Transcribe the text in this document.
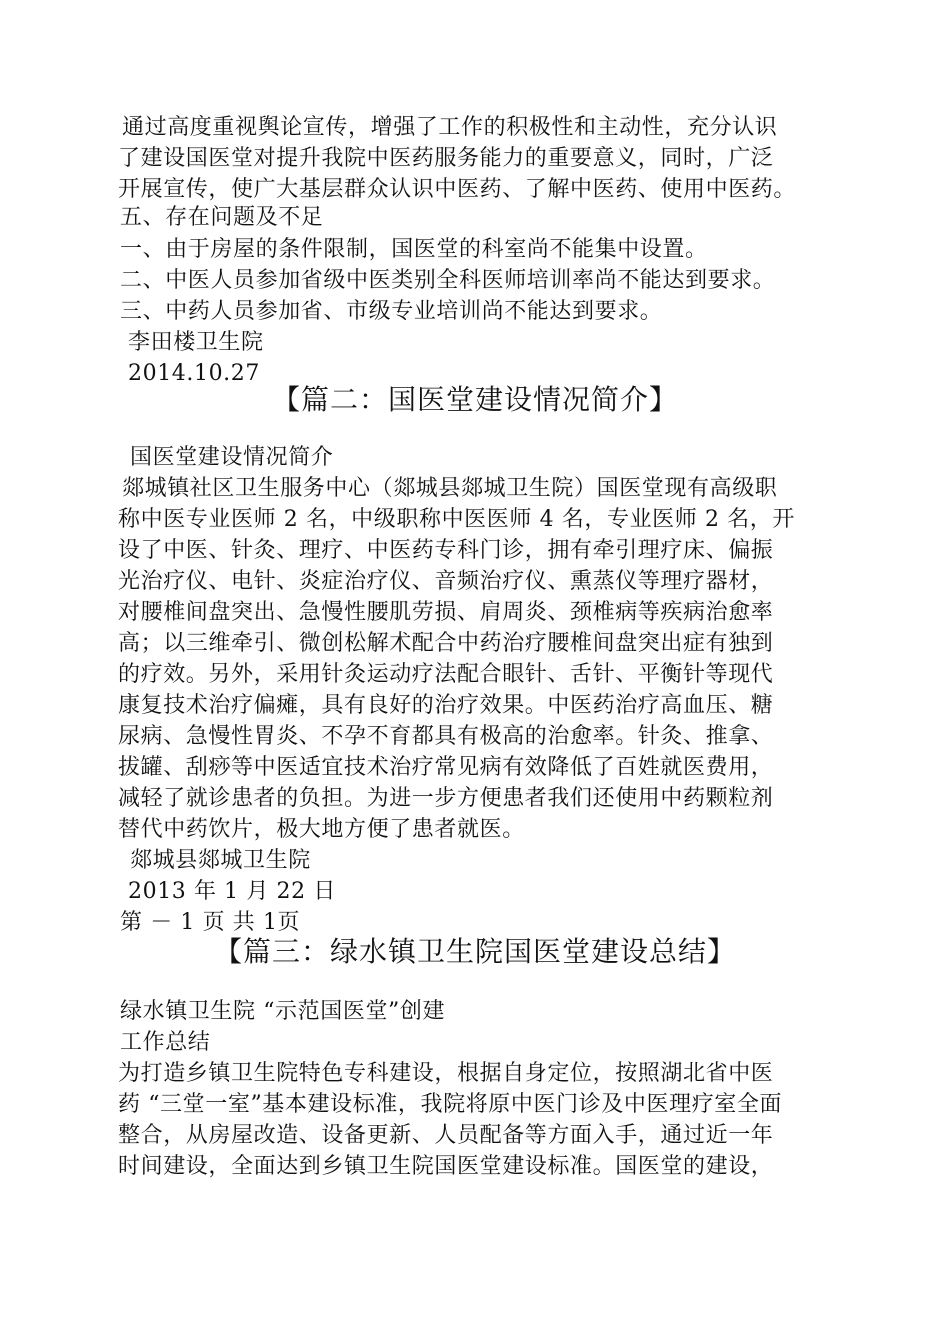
通过高度重视舆论宣传，增强了工作的积极性和主动性，充分认识
了建设国医堂对提升我院中医药服务能力的重要意义，同时，广泛
开展宣传，使广大基层群众认识中医药、了解中医药、使用中医药。
五、存在问题及不足
一、由于房屋的条件限制，国医堂的科室尚不能集中设置。
二、中医人员参加省级中医类别全科医师培训率尚不能达到要求。
三、中药人员参加省、市级专业培训尚不能达到要求。
李田楼卫生院
2014.10.27
【篇二：国医堂建设情况简介】
国医堂建设情况简介
郯城镇社区卫生服务中心（郯城县郯城卫生院）国医堂现有高级职
称中医专业医师 2 名，中级职称中医医师 4 名，专业医师 2 名，开
设了中医、针灸、理疗、中医药专科门诊，拥有牵引理疗床、偏振
光治疗仪、电针、炎症治疗仪、音频治疗仪、熏蒸仪等理疗器材，
对腰椎间盘突出、急慢性腰肌劳损、肩周炎、颈椎病等疾病治愈率
高；以三维牵引、微创松解术配合中药治疗腰椎间盘突出症有独到
的疗效。另外，采用针灸运动疗法配合眼针、舌针、平衡针等现代
康复技术治疗偏瘫，具有良好的治疗效果。中医药治疗高血压、糖
尿病、急慢性胃炎、不孕不育都具有极高的治愈率。针灸、推拿、
拔罐、刮痧等中医适宜技术治疗常见病有效降低了百姓就医费用，
减轻了就诊患者的负担。为进一步方便患者我们还使用中药颗粒剂
替代中药饮片，极大地方便了患者就医。
郯城县郯城卫生院
2013 年 1 月 22 日
第 － 1 页 共 1页
【篇三：绿水镇卫生院国医堂建设总结】
绿水镇卫生院 “示范国医堂”创建
工作总结
为打造乡镇卫生院特色专科建设，根据自身定位，按照湖北省中医
药 “三堂一室”基本建设标准，我院将原中医门诊及中医理疗室全面
整合，从房屋改造、设备更新、人员配备等方面入手，通过近一年
时间建设，全面达到乡镇卫生院国医堂建设标准。国医堂的建设，
